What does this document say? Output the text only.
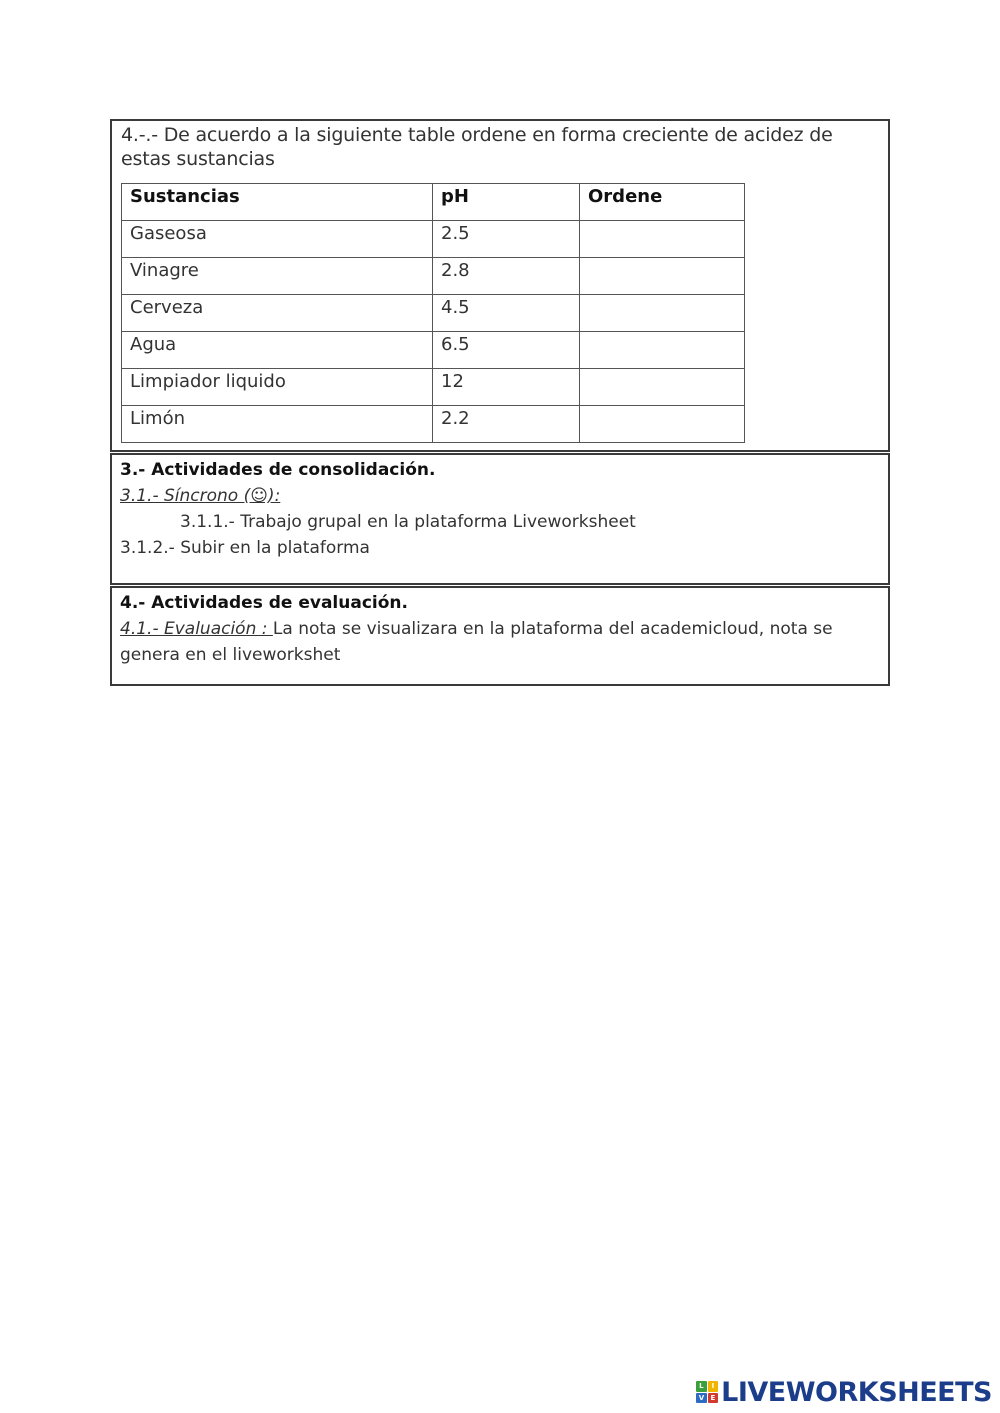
4.-.- De acuerdo a la siguiente table ordene en forma creciente de acidez de estas sustancias
Sustancias	pH	Ordene
Gaseosa	2.5	
Vinagre	2.8	
Cerveza	4.5	
Agua	6.5	
Limpiador liquido	12	
Limón	2.2	
3.- Actividades de consolidación.
3.1.- Síncrono (☺):
3.1.1.- Trabajo grupal en la plataforma Liveworksheet
3.1.2.- Subir en la plataforma
4.- Actividades de evaluación.
4.1.- Evaluación : La nota se visualizara en la plataforma del academicloud, nota se genera en el liveworkshet
L	I
V E LIVEWORKSHEETS
